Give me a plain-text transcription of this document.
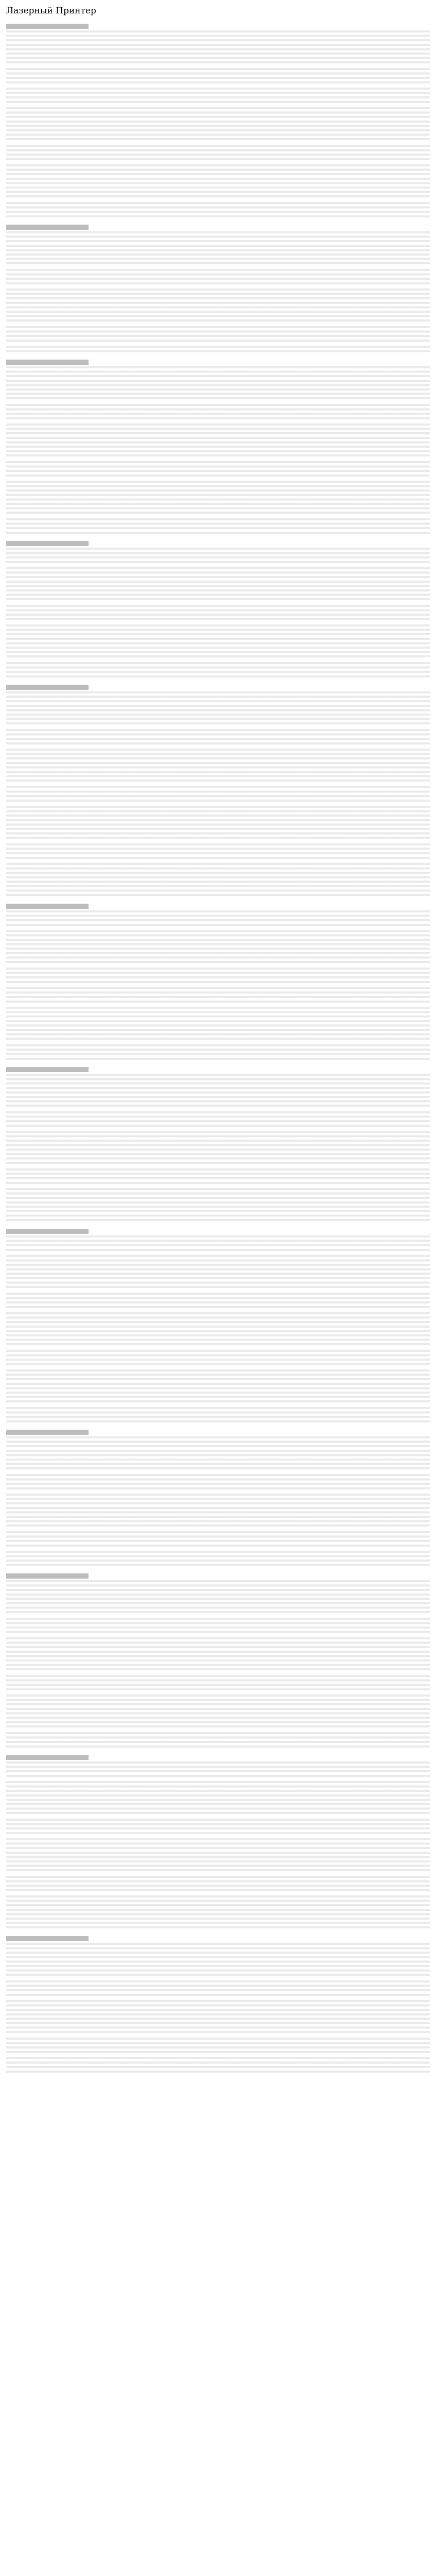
Лазерный Принтер
